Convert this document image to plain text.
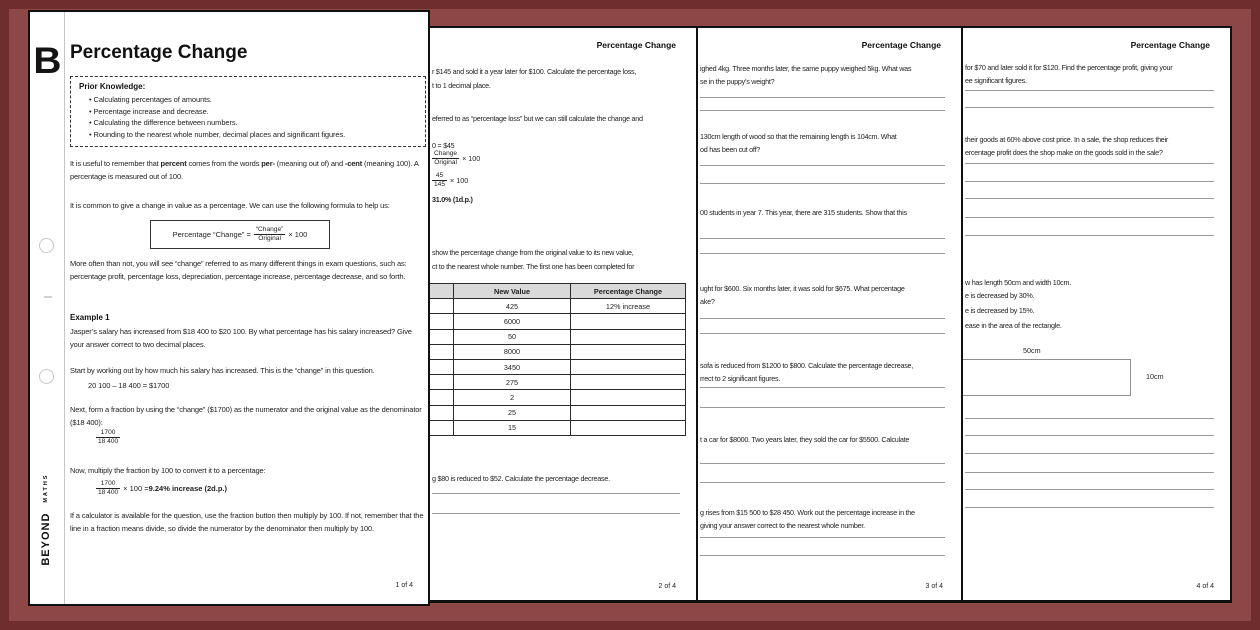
B
BEYOND MATHS
Percentage Change
Prior Knowledge:
• Calculating percentages of amounts.
• Percentage increase and decrease.
• Calculating the difference between numbers.
• Rounding to the nearest whole number, decimal places and significant figures.
It is useful to remember that percent comes from the words per- (meaning out of) and -cent (meaning 100). A percentage is measured out of 100.
It is common to give a change in value as a percentage. We can use the following formula to help us:
Percentage “Change” = $\frac{\text{“Change”}}{\text{Original}} \times 100$
More often than not, you will see “change” referred to as many different things in exam questions, such as: percentage profit, percentage loss, depreciation, percentage increase, percentage decrease, and so forth.
Example 1
Jasper’s salary has increased from $18 400 to $20 100. By what percentage has his salary increased? Give your answer correct to two decimal places.
Start by working out by how much his salary has increased. This is the “change” in this question.
20 100 – 18 400 = $1700
Next, form a fraction by using the “change” ($1700) as the numerator and the original value as the denominator ($18 400):
$\frac{1700}{18 400}$
Now, multiply the fraction by 100 to convert it to a percentage:
$\frac{1700}{18 400} \times 100 = 9.24\%$ increase (2d.p.)
If a calculator is available for the question, use the fraction button then multiply by 100. If not, remember that the line in a fraction means divide, so divide the numerator by the denominator then multiply by 100.
1 of 4
Percentage Change
r $145 and sold it a year later for $100. Calculate the percentage loss,
t to 1 decimal place.
eferred to as “percentage loss” but we can still calculate the change and
0 = $45
$\frac{\text{Change}}{\text{Original}} \times 100$
$\frac{45}{145} \times 100$
31.0% (1d.p.)
show the percentage change from the original value to its new value,
ct to the nearest whole number. The first one has been completed for
	New Value	Percentage Change
	425	12% increase
	6000	
	50	
	8000	
	3450	
	275	
	2	
	25	
	15	
g $80 is reduced to $52. Calculate the percentage decrease.
2 of 4
Percentage Change
ighed 4kg. Three months later, the same puppy weighed 5kg. What was
se in the puppy’s weight?
130cm length of wood so that the remaining length is 104cm. What
od has been cut off?
00 students in year 7. This year, there are 315 students. Show that this
ught for $600. Six months later, it was sold for $675. What percentage
ake?
sofa is reduced from $1200 to $800. Calculate the percentage decrease,
rrect to 2 significant figures.
t a car for $8000. Two years later, they sold the car for $5500. Calculate
g rises from $15 500 to $28 450. Work out the percentage increase in the
giving your answer correct to the nearest whole number.
3 of 4
Percentage Change
for $70 and later sold it for $120. Find the percentage profit, giving your
ee significant figures.
their goods at 60% above cost price. In a sale, the shop reduces their
ercentage profit does the shop make on the goods sold in the sale?
w has length 50cm and width 10cm.
e is decreased by 30%.
e is decreased by 15%.
ease in the area of the rectangle.
50cm
10cm
4 of 4
